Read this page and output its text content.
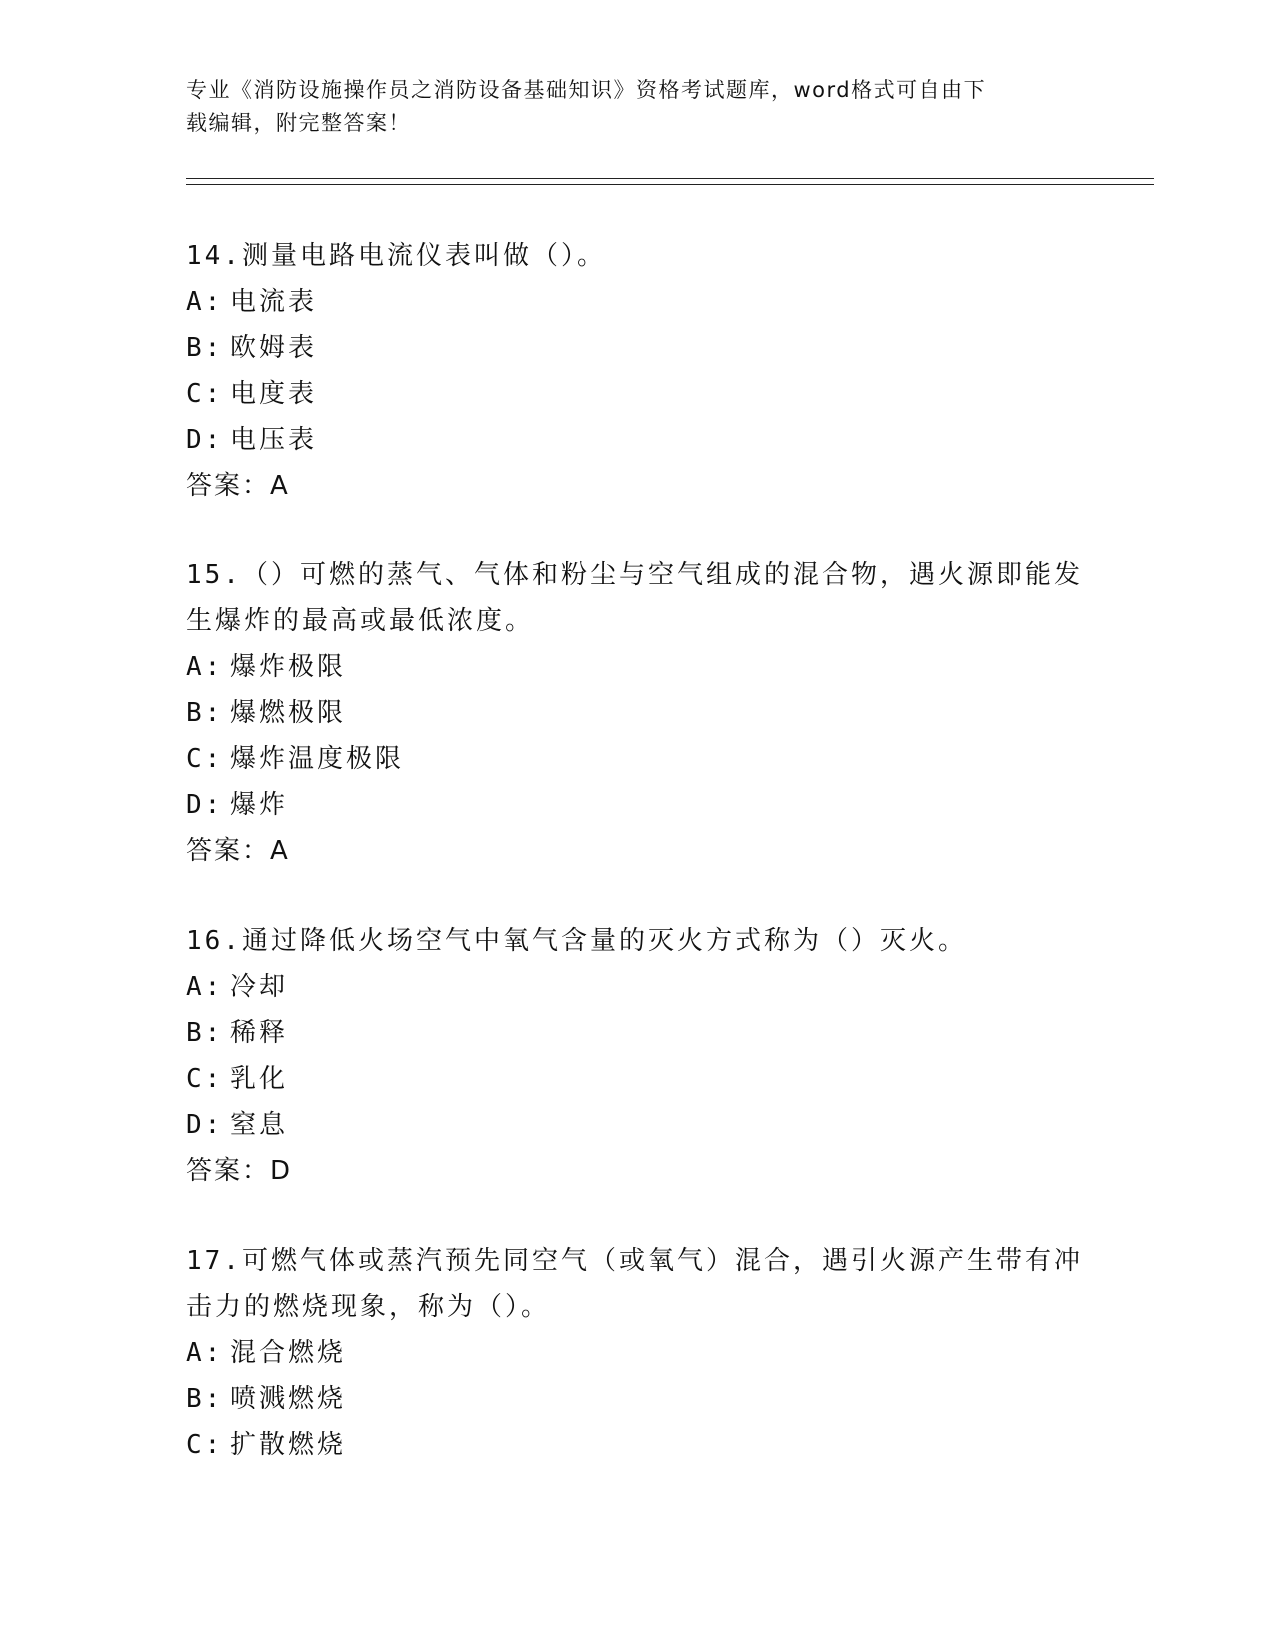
专业《消防设施操作员之消防设备基础知识》资格考试题库，word格式可自由下
载编辑，附完整答案！
14.测量电路电流仪表叫做（）。
A: 电流表
B: 欧姆表
C: 电度表
D: 电压表
答案：A
15.（）可燃的蒸气、气体和粉尘与空气组成的混合物，遇火源即能发
生爆炸的最高或最低浓度。
A: 爆炸极限
B: 爆燃极限
C: 爆炸温度极限
D: 爆炸
答案：A
16.通过降低火场空气中氧气含量的灭火方式称为（）灭火。
A: 冷却
B: 稀释
C: 乳化
D: 窒息
答案：D
17.可燃气体或蒸汽预先同空气（或氧气）混合，遇引火源产生带有冲
击力的燃烧现象，称为（）。
A: 混合燃烧
B: 喷溅燃烧
C: 扩散燃烧
